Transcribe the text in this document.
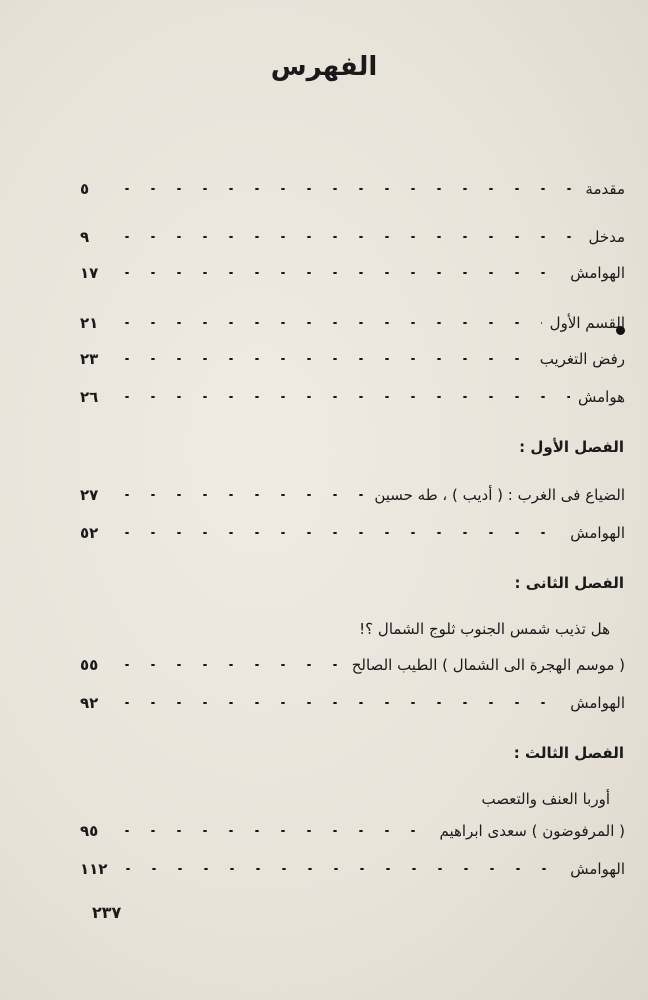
الفهرس
مقدمة
٥
مدخل
٩
الهوامش
١٧
القسم الأول
٢١
رفض التغريب
٢٣
هوامش
٢٦
الفصل الأول :
الضياع فى الغرب : ( أديب ) ، طه حسين
٢٧
الهوامش
٥٢
الفصل الثانى :
هل تذيب شمس الجنوب ثلوج الشمال ؟!
( موسم الهجرة الى الشمال ) الطيب الصالح
٥٥
الهوامش
٩٢
الفصل الثالث :
أوربا العنف والتعصب
( المرفوضون ) سعدى ابراهيم
٩٥
الهوامش
١١٢
٢٣٧
